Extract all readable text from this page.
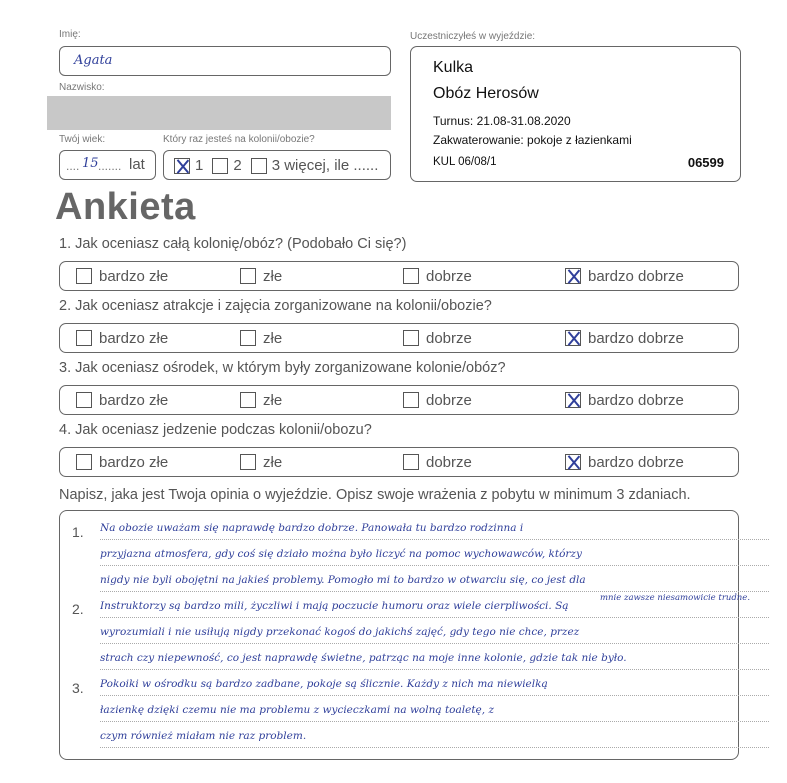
Imię:
Agata
Nazwisko:
Twój wiek:
.... 15 ....... lat
Który raz jesteś na kolonii/obozie?
1 2 3 więcej, ile ......
Uczestniczyłeś w wyjeździe:
Kulka
Obóz Herosów
Turnus: 21.08-31.08.2020
Zakwaterowanie: pokoje z łazienkami
KUL 06/08/1	06599
Ankieta
1. Jak oceniasz całą kolonię/obóz? (Podobało Ci się?)
bardzo złe	złe	dobrze	bardzo dobrze
2. Jak oceniasz atrakcje i zajęcia zorganizowane na kolonii/obozie?
bardzo złe	złe	dobrze	bardzo dobrze
3. Jak oceniasz ośrodek, w którym były zorganizowane kolonie/obóz?
bardzo złe	złe	dobrze	bardzo dobrze
4. Jak oceniasz jedzenie podczas kolonii/obozu?
bardzo złe	złe	dobrze	bardzo dobrze
Napisz, jaka jest Twoja opinia o wyjeździe. Opisz swoje wrażenia z pobytu w minimum 3 zdaniach.
1.
2.
3.
Na obozie uważam się naprawdę bardzo dobrze. Panowała tu bardzo rodzinna i
przyjazna atmosfera, gdy coś się działo można było liczyć na pomoc wychowawców, którzy
nigdy nie byli obojętni na jakieś problemy. Pomogło mi to bardzo w otwarciu się, co jest dla
mnie zawsze niesamowicie trudne.
Instruktorzy są bardzo mili, życzliwi i mają poczucie humoru oraz wiele cierpliwości. Są
wyrozumiali i nie usiłują nigdy przekonać kogoś do jakichś zajęć, gdy tego nie chce, przez
strach czy niepewność, co jest naprawdę świetne, patrząc na moje inne kolonie, gdzie tak nie było.
Pokoiki w ośrodku są bardzo zadbane, pokoje są ślicznie. Każdy z nich ma niewielką
łazienkę dzięki czemu nie ma problemu z wycieczkami na wolną toaletę, z
czym również miałam nie raz problem.
